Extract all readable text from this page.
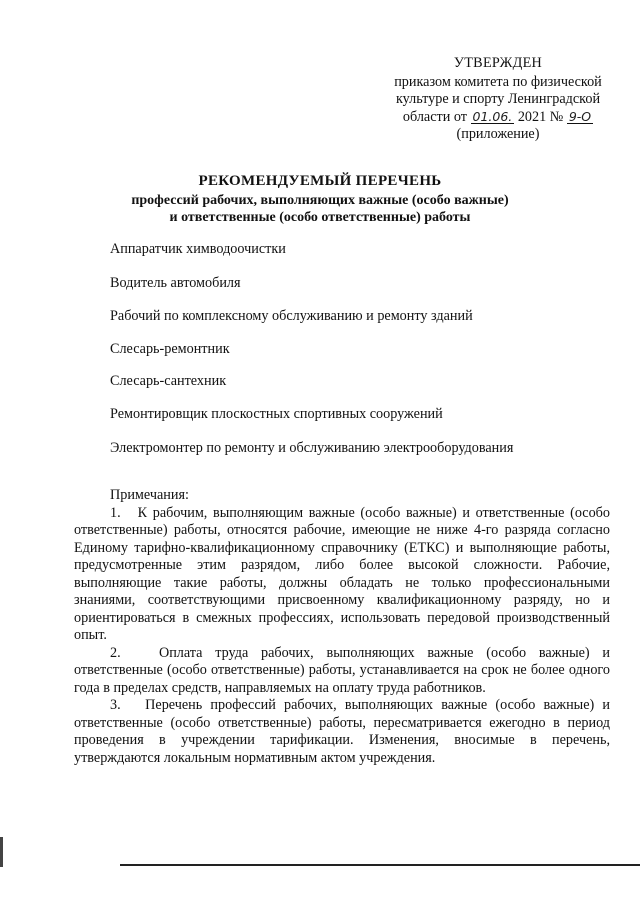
УТВЕРЖДЕН
приказом комитета по физической
культуре и спорту Ленинградской
области от 01.06. 2021 № 9-О
(приложение)
РЕКОМЕНДУЕМЫЙ ПЕРЕЧЕНЬ
профессий рабочих, выполняющих важные (особо важные)
и ответственные (особо ответственные) работы
Аппаратчик химводоочистки
Водитель автомобиля
Рабочий по комплексному обслуживанию и ремонту зданий
Слесарь-ремонтник
Слесарь-сантехник
Ремонтировщик плоскостных спортивных сооружений
Электромонтер по ремонту и обслуживанию электрооборудования

Примечания:

1.   К рабочим, выполняющим важные (особо важные) и ответственные (особо ответственные) работы, относятся рабочие, имеющие не ниже 4-го разряда согласно Единому тарифно-квалификационному справочнику (ЕТКС) и выполняющие работы, предусмотренные этим разрядом, либо более высокой сложности. Рабочие, выполняющие такие работы, должны обладать не только профессиональными знаниями, соответствующими присвоенному квалификационному разряду, но и ориентироваться в смежных профессиях, использовать передовой производственный опыт.

2.   Оплата труда рабочих, выполняющих важные (особо важные) и ответственные (особо ответственные) работы, устанавливается на срок не более одного года в пределах средств, направляемых на оплату труда работников.

3.   Перечень профессий рабочих, выполняющих важные (особо важные) и ответственные (особо ответственные) работы, пересматривается ежегодно в период проведения в учреждении тарификации. Изменения, вносимые в перечень, утверждаются локальным нормативным актом учреждения.
